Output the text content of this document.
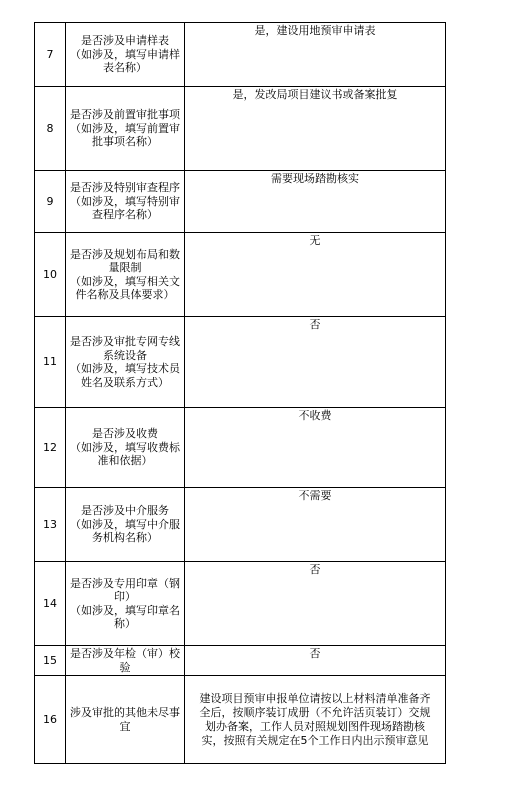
7	是否涉及申请样表
（如涉及，填写申请样
表名称）	是，建设用地预审申请表

8	是否涉及前置审批事项
（如涉及，填写前置审
批事项名称）	是，发改局项目建议书或备案批复

9	是否涉及特别审查程序
（如涉及，填写特别审
查程序名称）	需要现场踏勘核实

10	是否涉及规划布局和数
量限制
（如涉及，填写相关文
件名称及具体要求）	无

11	是否涉及审批专网专线
系统设备
（如涉及，填写技术员
姓名及联系方式）	否

12	是否涉及收费
（如涉及，填写收费标
准和依据）	不收费

13	是否涉及中介服务
（如涉及，填写中介服
务机构名称）	不需要

14	是否涉及专用印章（钢
印）
（如涉及，填写印章名
称）	否

15	是否涉及年检（审）校
验	否

16	涉及审批的其他未尽事
宜	建设项目预审申报单位请按以上材料清单准备齐
全后，按顺序装订成册（不允许活页装订）交规
划办备案，工作人员对照规划图件现场踏勘核
实，按照有关规定在5个工作日内出示预审意见
